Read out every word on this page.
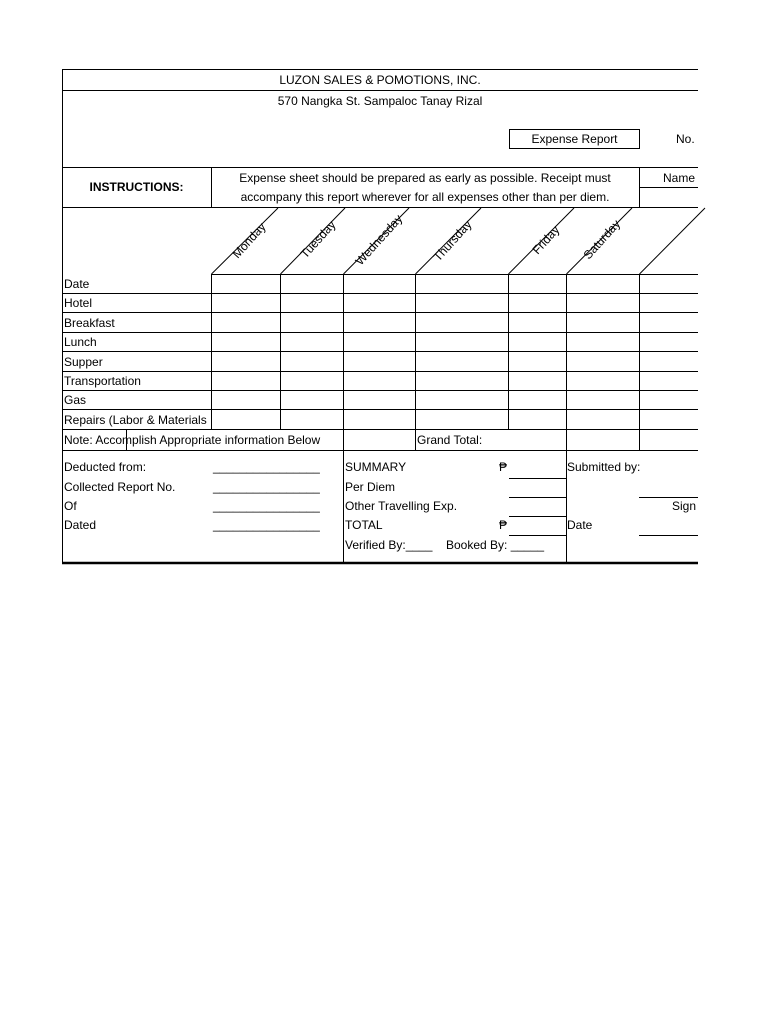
LUZON SALES & POMOTIONS, INC.
570 Nangka St. Sampaloc Tanay Rizal
Expense Report	No.
INSTRUCTIONS:
Expense sheet should be prepared as early as possible. Receipt must
accompany this report wherever for all expenses other than per diem.
Name
Monday Tuesday Wednesday Thursday	Friday Saturday
Date
Hotel
Breakfast
Lunch
Supper
Transportation
Gas
Repairs (Labor & Materials
Note: Accomplish Appropriate information Below	Grand Total:
Deducted from:	________________
Collected Report No.	________________
Of	________________
Dated	________________
SUMMARY	₱
Per Diem
Other Travelling Exp.
TOTAL	₱
Verified By:____ Booked By: _____
Submitted by:
Sign
Date
